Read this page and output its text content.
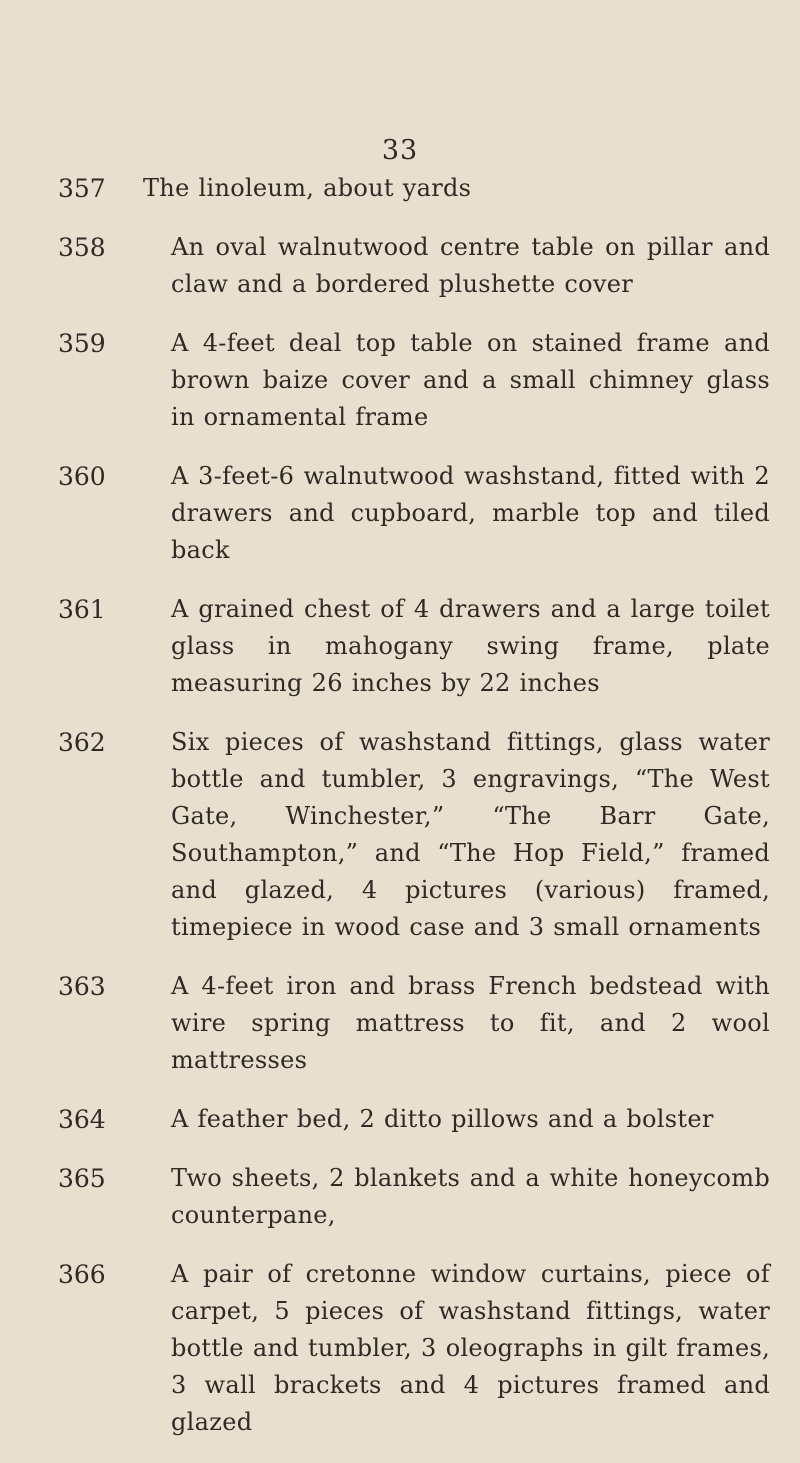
33
357	The linoleum, about yards
358	An oval walnutwood centre table on pillar and claw and a bordered plushette cover
359	A 4-feet deal top table on stained frame and brown baize cover and a small chimney glass in ornamental frame
360	A 3-feet-6 walnutwood washstand, fitted with 2 drawers and cupboard, marble top and tiled back
361	A grained chest of 4 drawers and a large toilet glass in mahogany swing frame, plate measuring 26 inches by 22 inches
362	Six pieces of washstand fittings, glass water bottle and tumbler, 3 engravings, “The West Gate, Winchester,” “The Barr Gate, Southampton,” and “The Hop Field,” framed and glazed, 4 pictures (various) framed, timepiece in wood case and 3 small ornaments
363	A 4-feet iron and brass French bedstead with wire spring mattress to fit, and 2 wool mattresses
364	A feather bed, 2 ditto pillows and a bolster
365	Two sheets, 2 blankets and a white honeycomb counterpane,
366	A pair of cretonne window curtains, piece of carpet, 5 pieces of washstand fittings, water bottle and tumbler, 3 oleographs in gilt frames, 3 wall brackets and 4 pictures framed and glazed
